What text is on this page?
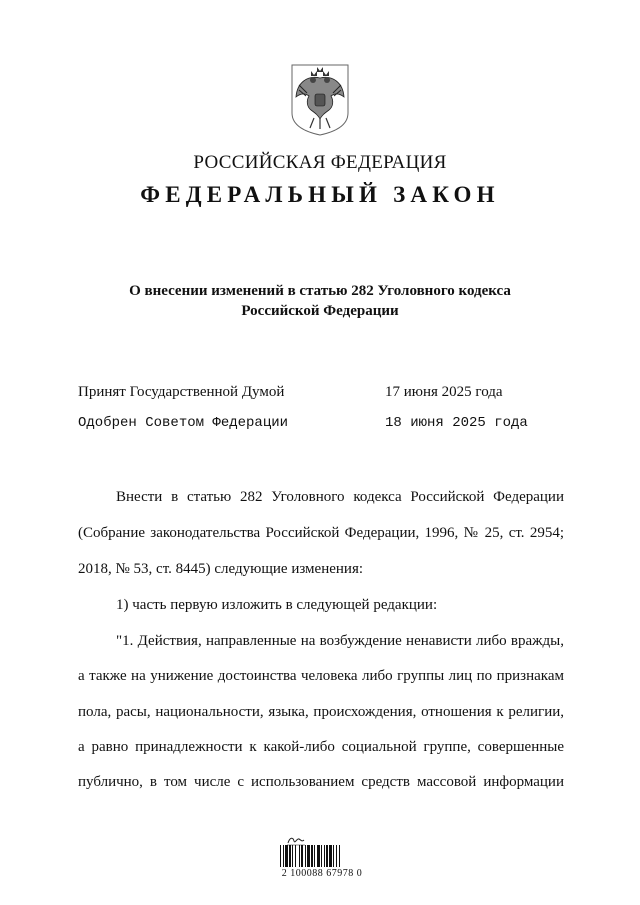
РОССИЙСКАЯ ФЕДЕРАЦИЯ
ФЕДЕРАЛЬНЫЙ ЗАКОН
О внесении изменений в статью 282 Уголовного кодекса
Российской Федерации
Принят Государственной Думой	17 июня 2025 года
Одобрен Советом Федерации	18 июня 2025 года
Внести в статью 282 Уголовного кодекса Российской Федерации
(Собрание законодательства Российской Федерации, 1996, № 25, ст. 2954;
2018, № 53, ст. 8445) следующие изменения:
1) часть первую изложить в следующей редакции:
"1. Действия, направленные на возбуждение ненависти либо вражды,
а также на унижение достоинства человека либо группы лиц по признакам
пола, расы, национальности, языка, происхождения, отношения к религии,
а равно принадлежности к какой-либо социальной группе, совершенные
публично, в том числе с использованием средств массовой информации
2 100088 67978 0
